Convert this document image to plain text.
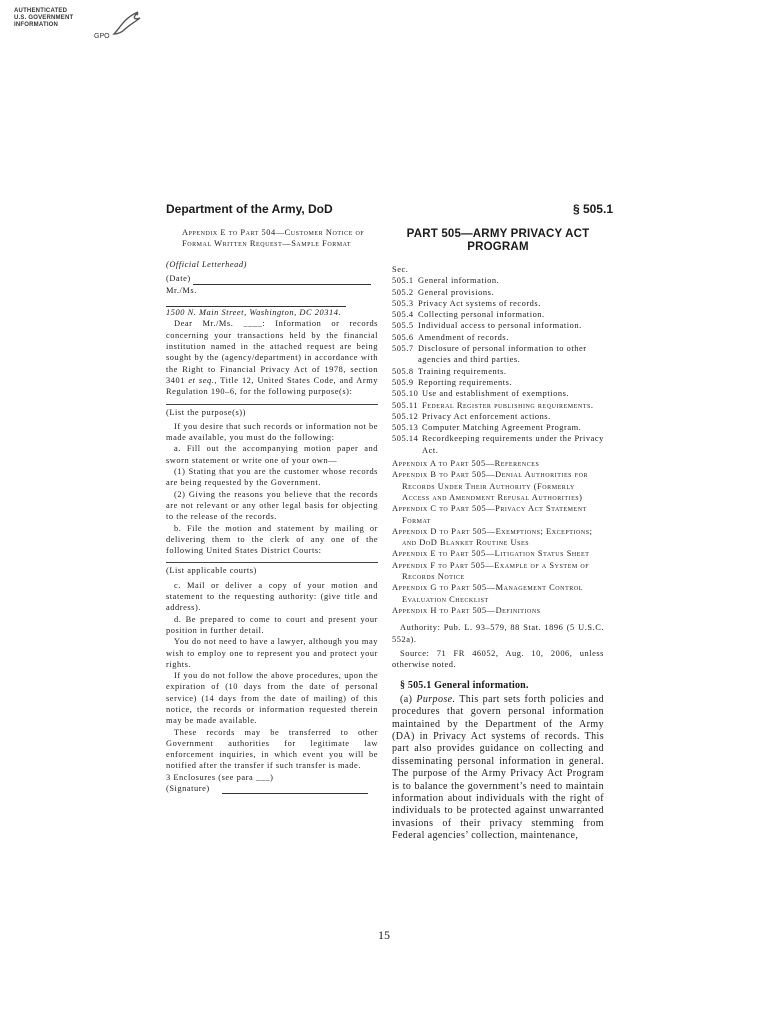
AUTHENTICATED
U.S. GOVERNMENT
INFORMATION
GPO
Department of the Army, DoD	§ 505.1
Appendix E to Part 504—Customer Notice of Formal Written Request—Sample Format
(Official Letterhead)
(Date)
Mr./Ms.
1500 N. Main Street, Washington, DC 20314.

Dear Mr./Ms. ____: Information or records concerning your transactions held by the financial institution named in the attached request are being sought by the (agency/department) in accordance with the Right to Financial Privacy Act of 1978, section 3401 et seq., Title 12, United States Code, and Army Regulation 190–6, for the following purpose(s):

(List the purpose(s))

If you desire that such records or information not be made available, you must do the following:

a. Fill out the accompanying motion paper and sworn statement or write one of your own—

(1) Stating that you are the customer whose records are being requested by the Government.

(2) Giving the reasons you believe that the records are not relevant or any other legal basis for objecting to the release of the records.

b. File the motion and statement by mailing or delivering them to the clerk of any one of the following United States District Courts:

(List applicable courts)

c. Mail or deliver a copy of your motion and statement to the requesting authority: (give title and address).

d. Be prepared to come to court and present your position in further detail.

You do not need to have a lawyer, although you may wish to employ one to represent you and protect your rights.

If you do not follow the above procedures, upon the expiration of (10 days from the date of personal service) (14 days from the date of mailing) of this notice, the records or information requested therein may be made available.

These records may be transferred to other Government authorities for legitimate law enforcement inquiries, in which event you will be notified after the transfer if such transfer is made.

3 Enclosures (see para ___)
(Signature)
PART 505—ARMY PRIVACY ACT PROGRAM
Sec.
505.1 General information.
505.2 General provisions.
505.3 Privacy Act systems of records.
505.4 Collecting personal information.
505.5 Individual access to personal information.
505.6 Amendment of records.
505.7 Disclosure of personal information to other agencies and third parties.
505.8 Training requirements.
505.9 Reporting requirements.
505.10 Use and establishment of exemptions.
505.11 Federal Register publishing requirements.
505.12 Privacy Act enforcement actions.
505.13 Computer Matching Agreement Program.
505.14 Recordkeeping requirements under the Privacy Act.
Appendix A to Part 505—References
Appendix B to Part 505—Denial Authorities for Records Under Their Authority (Formerly Access and Amendment Refusal Authorities)
Appendix C to Part 505—Privacy Act Statement Format
Appendix D to Part 505—Exemptions; Exceptions; and DoD Blanket Routine Uses
Appendix E to Part 505—Litigation Status Sheet
Appendix F to Part 505—Example of a System of Records Notice
Appendix G to Part 505—Management Control Evaluation Checklist
Appendix H to Part 505—Definitions

Authority: Pub. L. 93–579, 88 Stat. 1896 (5 U.S.C. 552a).

Source: 71 FR 46052, Aug. 10, 2006, unless otherwise noted.

§ 505.1 General information.

(a) Purpose. This part sets forth policies and procedures that govern personal information maintained by the Department of the Army (DA) in Privacy Act systems of records. This part also provides guidance on collecting and disseminating personal information in general. The purpose of the Army Privacy Act Program is to balance the government’s need to maintain information about individuals with the right of individuals to be protected against unwarranted invasions of their privacy stemming from Federal agencies’ collection, maintenance,

15
